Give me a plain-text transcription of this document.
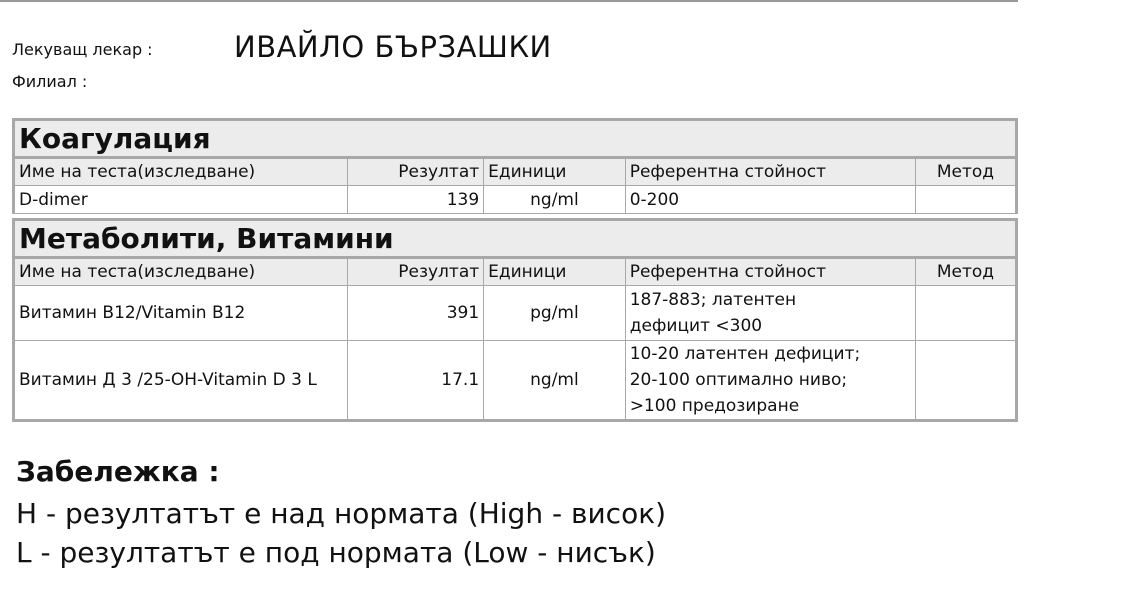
Лекуващ лекар :	ИВАЙЛО БЪРЗАШКИ
Филиал :
Коагулация
Име на теста(изследване)	Резултат	Единици	Референтна стойност	Метод
D-dimer	139	ng/ml	0-200	
Метаболити, Витамини
Име на теста(изследване)	Резултат	Единици	Референтна стойност	Метод
Витамин B12/Vitamin B12	391	pg/ml	187-883; латентен
дефицит <300	
Витамин Д 3 /25-OH-Vitamin D 3 L	17.1	ng/ml	10-20 латентен дефицит;
20-100 оптимално ниво;
>100 предозиране	
Забележка :
H - резултатът е над нормата (High - висок)
L - резултатът е под нормата (Low - нисък)
